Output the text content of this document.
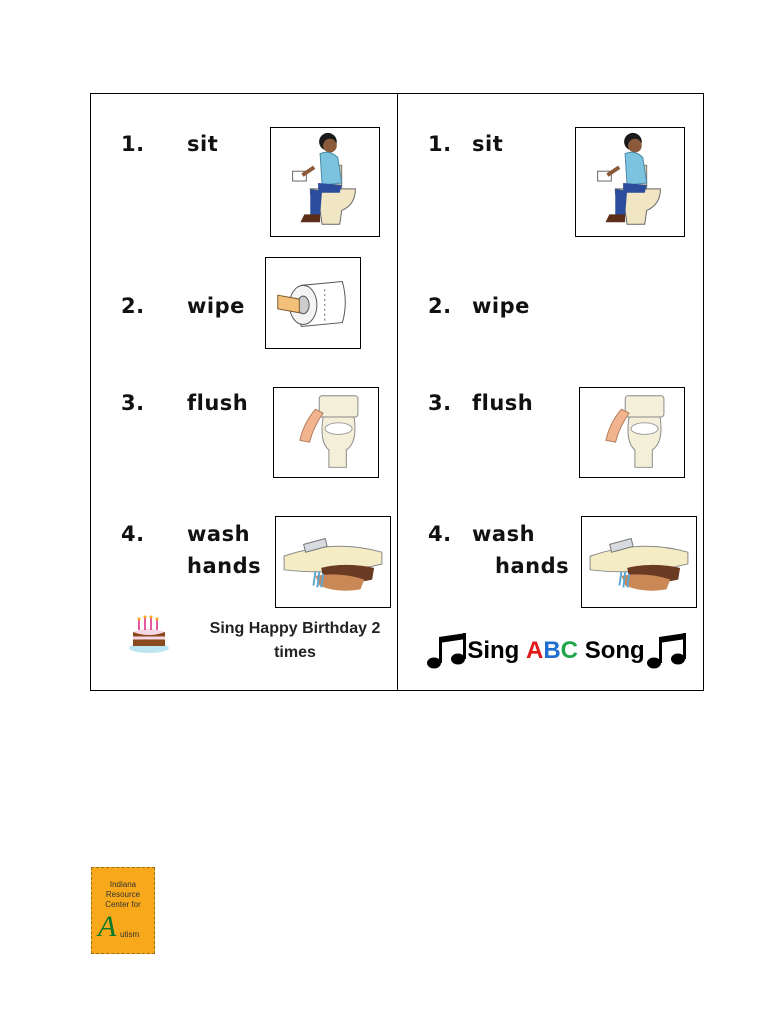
1. sit
2. wipe
3. flush
4. wash
hands
Sing Happy Birthday 2
times
1. sit
2. wipe
3. flush
4. wash
hands
Sing
A B C
Song
Indiana
Resource
Center for
A utism
